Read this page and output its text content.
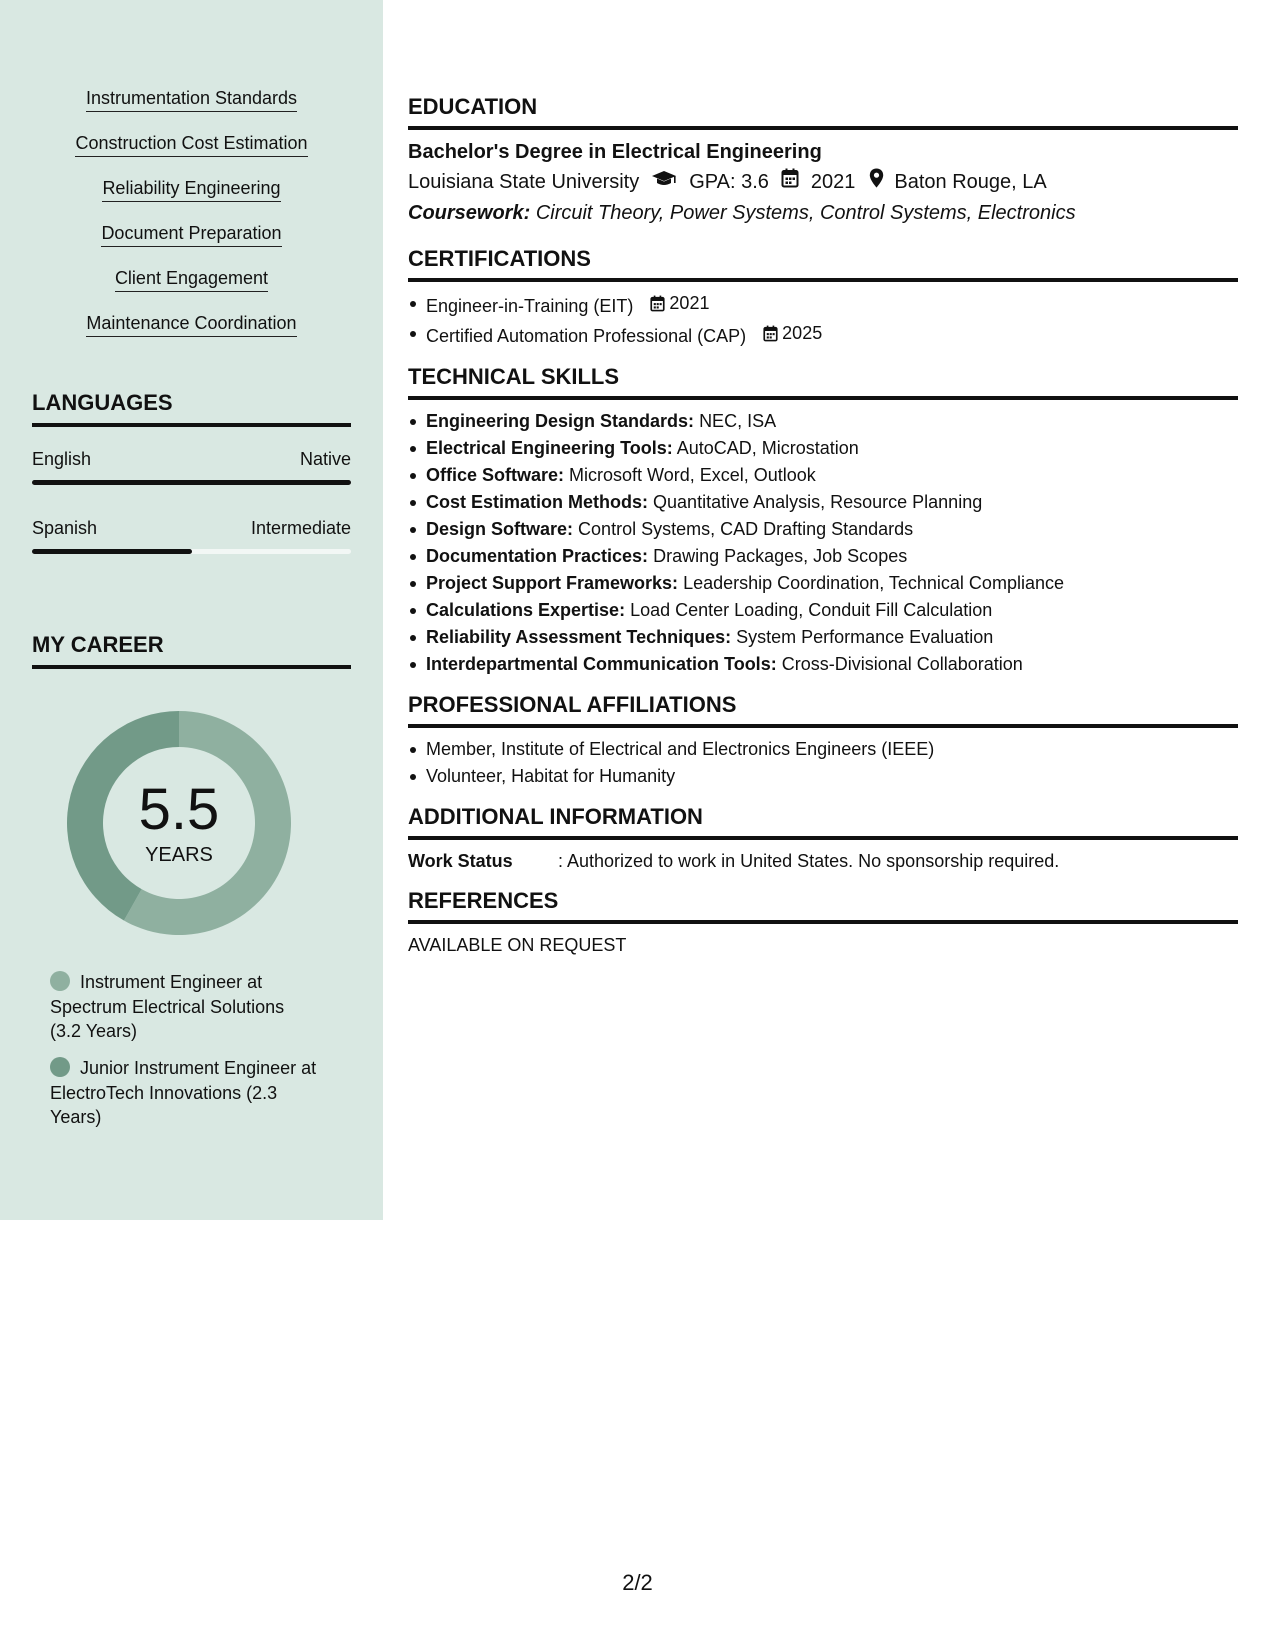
Instrumentation Standards
Construction Cost Estimation
Reliability Engineering
Document Preparation
Client Engagement
Maintenance Coordination
LANGUAGES
English	Native
Spanish	Intermediate
MY CAREER
5.5
YEARS
Instrument Engineer at Spectrum Electrical Solutions (3.2 Years)
Junior Instrument Engineer at ElectroTech Innovations (2.3 Years)
EDUCATION
Bachelor's Degree in Electrical Engineering
Louisiana State University	GPA: 3.6 2021 Baton Rouge, LA
Coursework: Circuit Theory, Power Systems, Control Systems, Electronics
CERTIFICATIONS
Engineer-in-Training (EIT) 2021
Certified Automation Professional (CAP) 2025
TECHNICAL SKILLS
Engineering Design Standards: NEC, ISA
Electrical Engineering Tools: AutoCAD, Microstation
Office Software: Microsoft Word, Excel, Outlook
Cost Estimation Methods: Quantitative Analysis, Resource Planning
Design Software: Control Systems, CAD Drafting Standards
Documentation Practices: Drawing Packages, Job Scopes
Project Support Frameworks: Leadership Coordination, Technical Compliance
Calculations Expertise: Load Center Loading, Conduit Fill Calculation
Reliability Assessment Techniques: System Performance Evaluation
Interdepartmental Communication Tools: Cross-Divisional Collaboration
PROFESSIONAL AFFILIATIONS
Member, Institute of Electrical and Electronics Engineers (IEEE)
Volunteer, Habitat for Humanity
ADDITIONAL INFORMATION
Work Status	: Authorized to work in United States. No sponsorship required.
REFERENCES
AVAILABLE ON REQUEST
2/2
